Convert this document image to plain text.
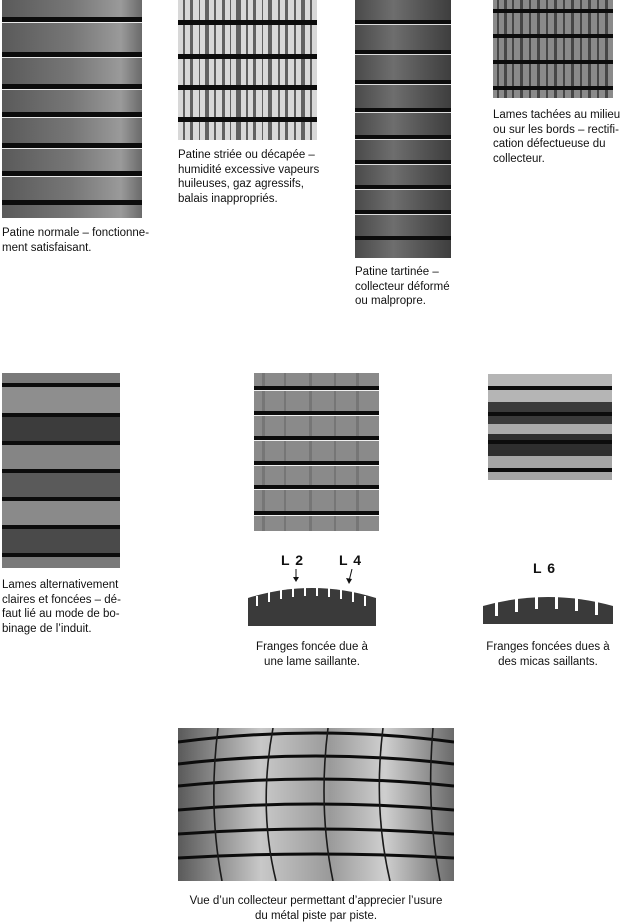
L 2	L 4	L 6
Patine normale – fonctionne-
ment satisfaisant.
Patine striée ou décapée –
humidité excessive vapeurs
huileuses, gaz agressifs,
balais inappropriés.
Patine tartinée –
collecteur déformé
ou malpropre.
Lames tachées au milieu
ou sur les bords – rectifi-
cation défectueuse du
collecteur.
Lames alternativement
claires et foncées – dé-
faut lié au mode de bo-
binage de l’induit.
Franges foncée due à
une lame saillante.
Franges foncées dues à
des micas saillants.
Vue d’un collecteur permettant d’apprecier l’usure
du métal piste par piste.
